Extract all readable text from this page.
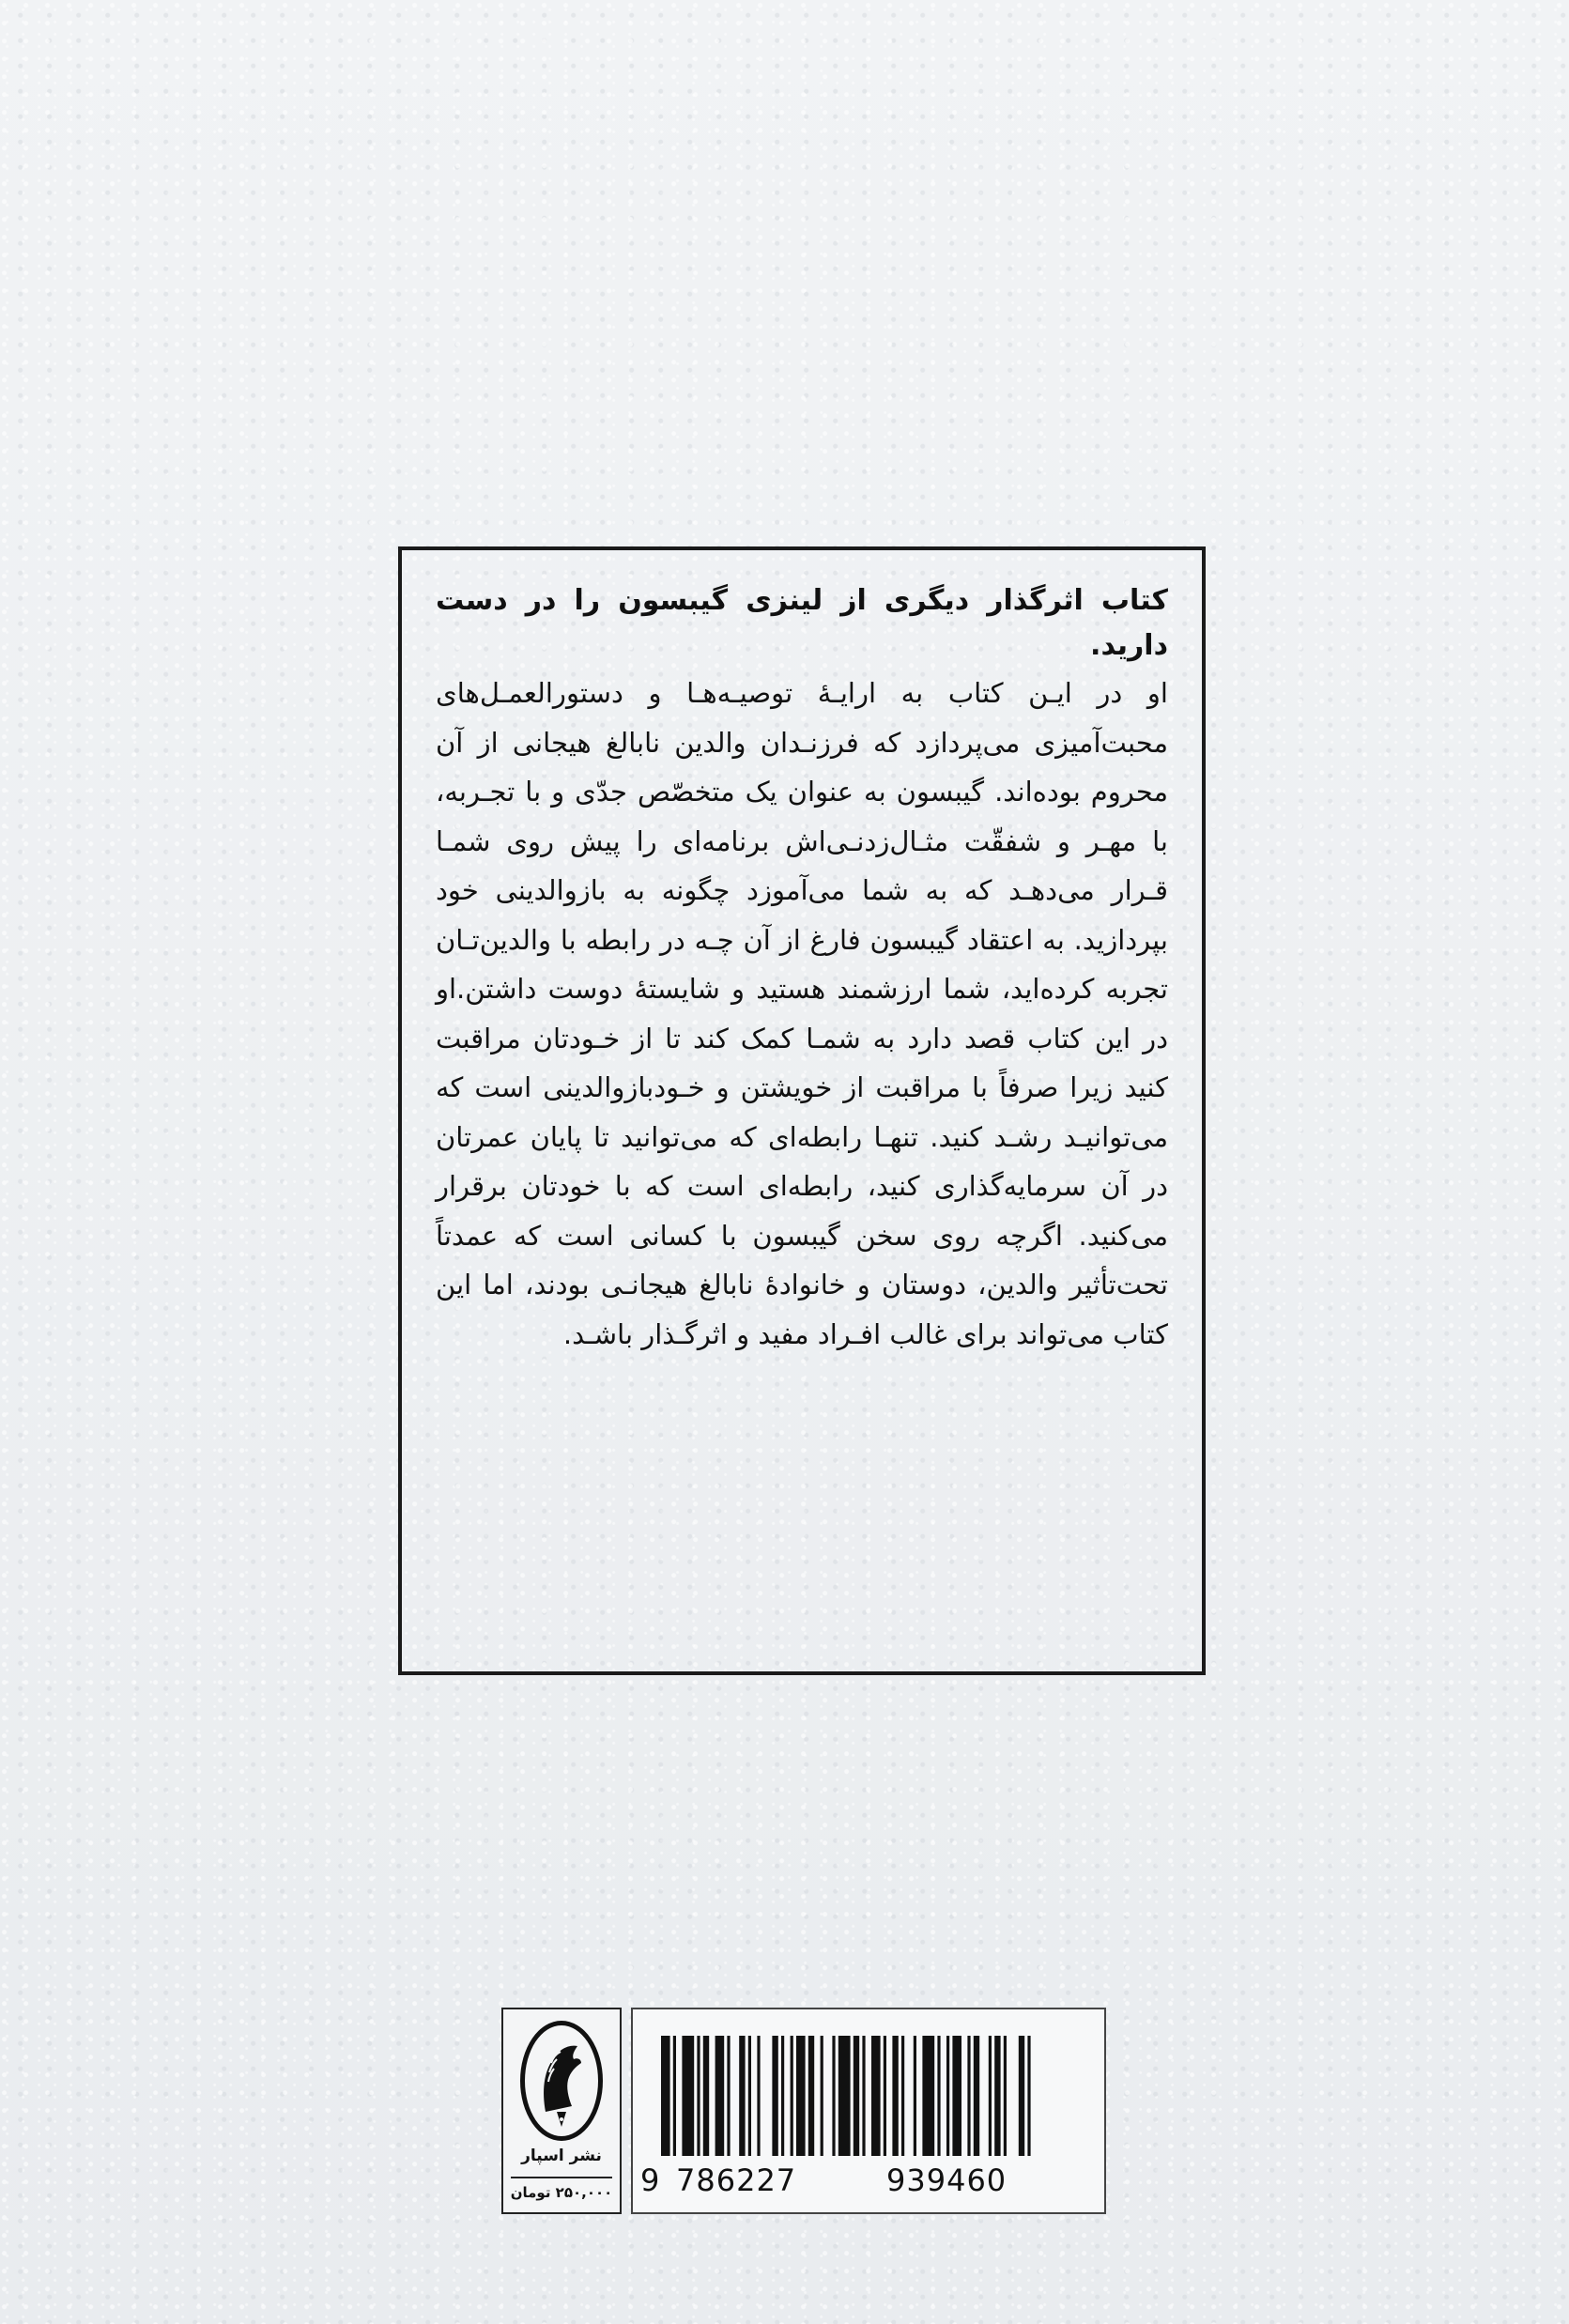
کتاب اثرگذار دیگری از لینزی گیبسون را در دست دارید.

او در ایـن کتاب به ارایـهٔ توصیـه‌هـا و دستورالعمـل‌های محبت‌آمیزی می‌پردازد که فرزنـدان والدین نابالغ هیجانی از آن محروم بوده‌اند. گیبسون به عنوان یک متخصّص جدّی و با تجـربه، با مهـر و شفقّت مثـال‌زدنـی‌اش برنامه‌ای را پیش روی شمـا قـرار می‌دهـد که به شما می‌آموزد چگونه به بازوالدینی خود بپردازید. به اعتقاد گیبسون فارغ از آن چـه در رابطه با والدین‌تـان تجربه کرده‌اید، شما ارزشمند هستید و شایستهٔ دوست داشتن.او در این کتاب قصد دارد به شمـا کمک کند تا از خـودتان مراقبت کنید زیرا صرفاً با مراقبت از خویشتن و خـودبازوالدینی است که می‌توانیـد رشـد کنید. تنهـا رابطه‌ای که می‌توانید تا پایان عمرتان در آن سرمایه‌گذاری کنید، رابطه‌ای است که با خودتان برقرار می‌کنید. اگرچه روی سخن گیبسون با کسانی است که عمدتاً تحت‌تأثیر والدین، دوستان و خانوادهٔ نابالغ هیجانـی بودند، اما این کتاب می‌تواند برای غالب افـراد مفید و اثرگـذار باشـد.

نشر اسپار
۲۵۰,۰۰۰ تومان 9 786227	939460
